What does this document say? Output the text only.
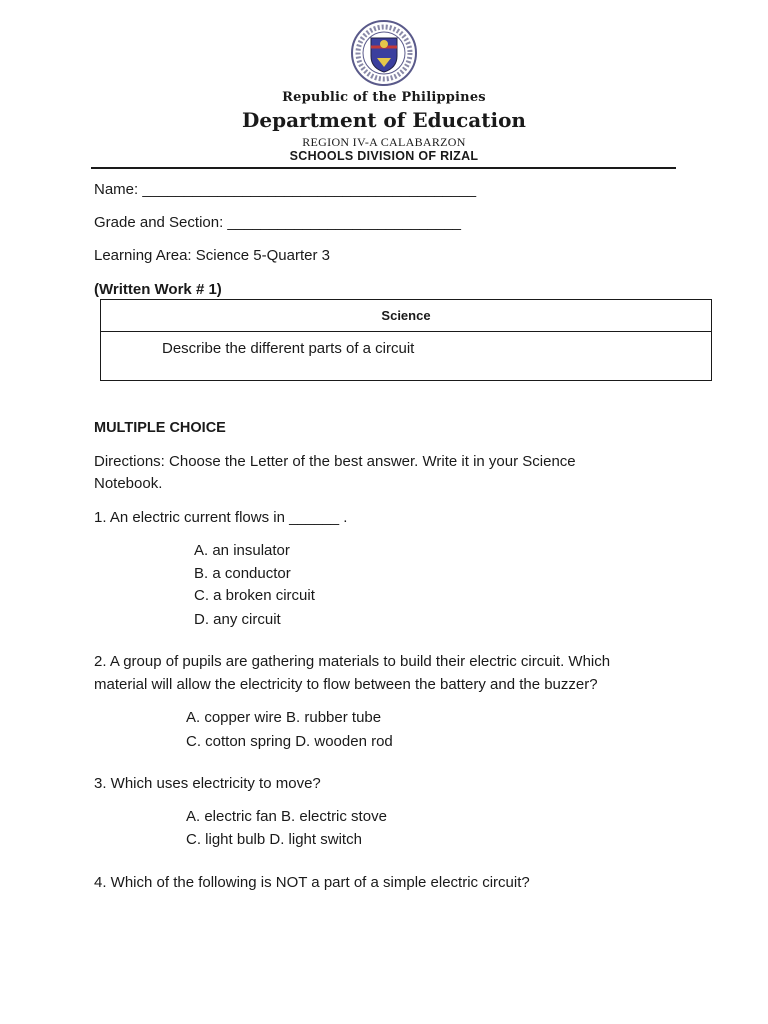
Republic of the Philippines
Department of Education
REGION IV-A CALABARZON
SCHOOLS DIVISION OF RIZAL
Name: ________________________________________
Grade and Section: ____________________________
Learning Area: Science 5-Quarter 3
(Written Work # 1)
Science
Describe the different parts of a circuit
MULTIPLE CHOICE
Directions: Choose the Letter of the best answer. Write it in your Science
Notebook.
1. An electric current flows in ______ .
A. an insulator
B. a conductor
C. a broken circuit
D. any circuit
2. A group of pupils are gathering materials to build their electric circuit. Which
material will allow the electricity to flow between the battery and the buzzer?
A. copper wire B. rubber tube
C. cotton spring D. wooden rod
3. Which uses electricity to move?
A. electric fan B. electric stove
C. light bulb D. light switch
4. Which of the following is NOT a part of a simple electric circuit?
